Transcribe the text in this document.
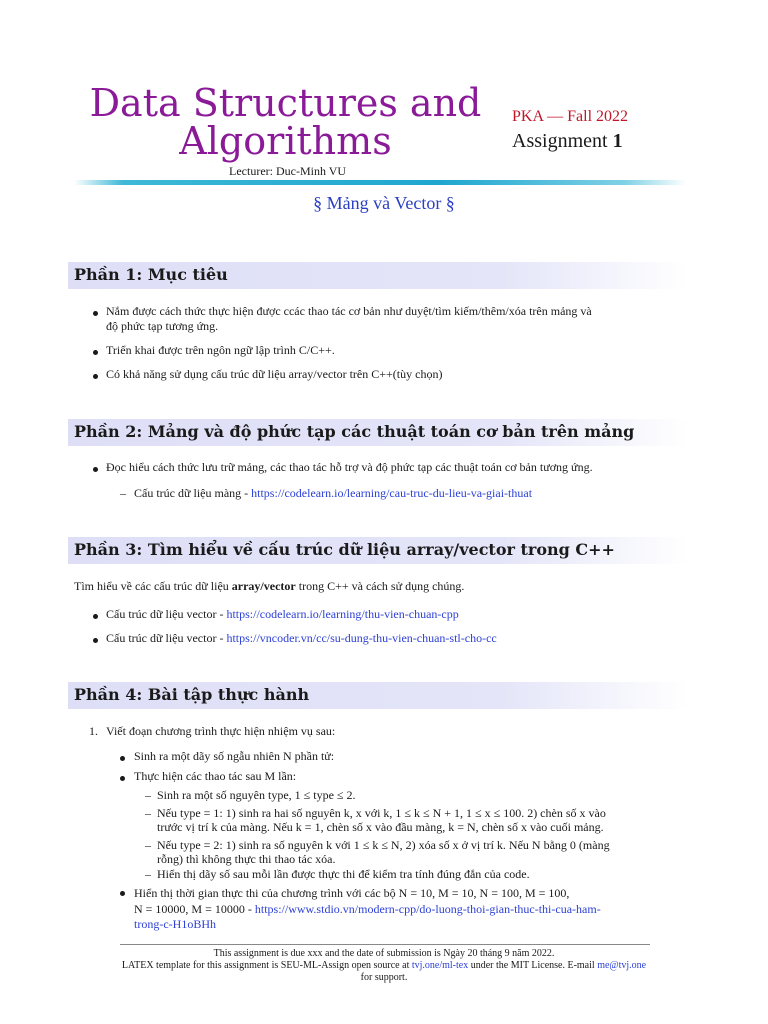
Data Structures and
Algorithms
PKA — Fall 2022
Assignment 1
Lecturer: Duc-Minh VU
§ Mảng và Vector §
Phần 1: Mục tiêu
Nắm được cách thức thực hiện được ccác thao tác cơ bản như duyệt/tìm kiếm/thêm/xóa trên mảng và
độ phức tạp tương ứng.
Triển khai được trên ngôn ngữ lập trình C/C++.
Có khả năng sử dụng cấu trúc dữ liệu array/vector trên C++(tùy chọn)
Phần 2: Mảng và độ phức tạp các thuật toán cơ bản trên mảng
Đọc hiểu cách thức lưu trữ mảng, các thao tác hỗ trợ và độ phức tạp các thuật toán cơ bản tương ứng.
– Cấu trúc dữ liệu màng - https://codelearn.io/learning/cau-truc-du-lieu-va-giai-thuat
Phần 3: Tìm hiểu về cấu trúc dữ liệu array/vector trong C++
Tìm hiểu về các cấu trúc dữ liệu array/vector trong C++ và cách sử dụng chúng.
Cấu trúc dữ liệu vector - https://codelearn.io/learning/thu-vien-chuan-cpp
Cấu trúc dữ liệu vector - https://vncoder.vn/cc/su-dung-thu-vien-chuan-stl-cho-cc
Phần 4: Bài tập thực hành
1. Viết đoạn chương trình thực hiện nhiệm vụ sau:
Sinh ra một dãy số ngẫu nhiên N phần tử:
Thực hiện các thao tác sau M lần:
– Sinh ra một số nguyên type, 1 ≤ type ≤ 2.
– Nếu type = 1: 1) sinh ra hai số nguyên k, x với k, 1 ≤ k ≤ N + 1, 1 ≤ x ≤ 100. 2) chèn số x vào
trước vị trí k của màng. Nếu k = 1, chèn số x vào đầu màng, k = N, chèn số x vào cuối mảng.
– Nếu type = 2: 1) sinh ra số nguyên k với 1 ≤ k ≤ N, 2) xóa số x ở vị trí k. Nếu N bằng 0 (màng
rỗng) thì không thực thi thao tác xóa.
– Hiển thị dãy số sau mỗi lần được thực thi để kiểm tra tính đúng đắn của code.
Hiển thị thời gian thực thi của chương trình với các bộ N = 10, M = 10, N = 100, M = 100,
N = 10000, M = 10000 - https://www.stdio.vn/modern-cpp/do-luong-thoi-gian-thuc-thi-cua-ham-
trong-c-H1oBHh
This assignment is due xxx and the date of submission is Ngày 20 tháng 9 năm 2022.
LATEX template for this assignment is SEU-ML-Assign open source at tvj.one/ml-tex under the MIT License. E-mail me@tvj.one
for support.
